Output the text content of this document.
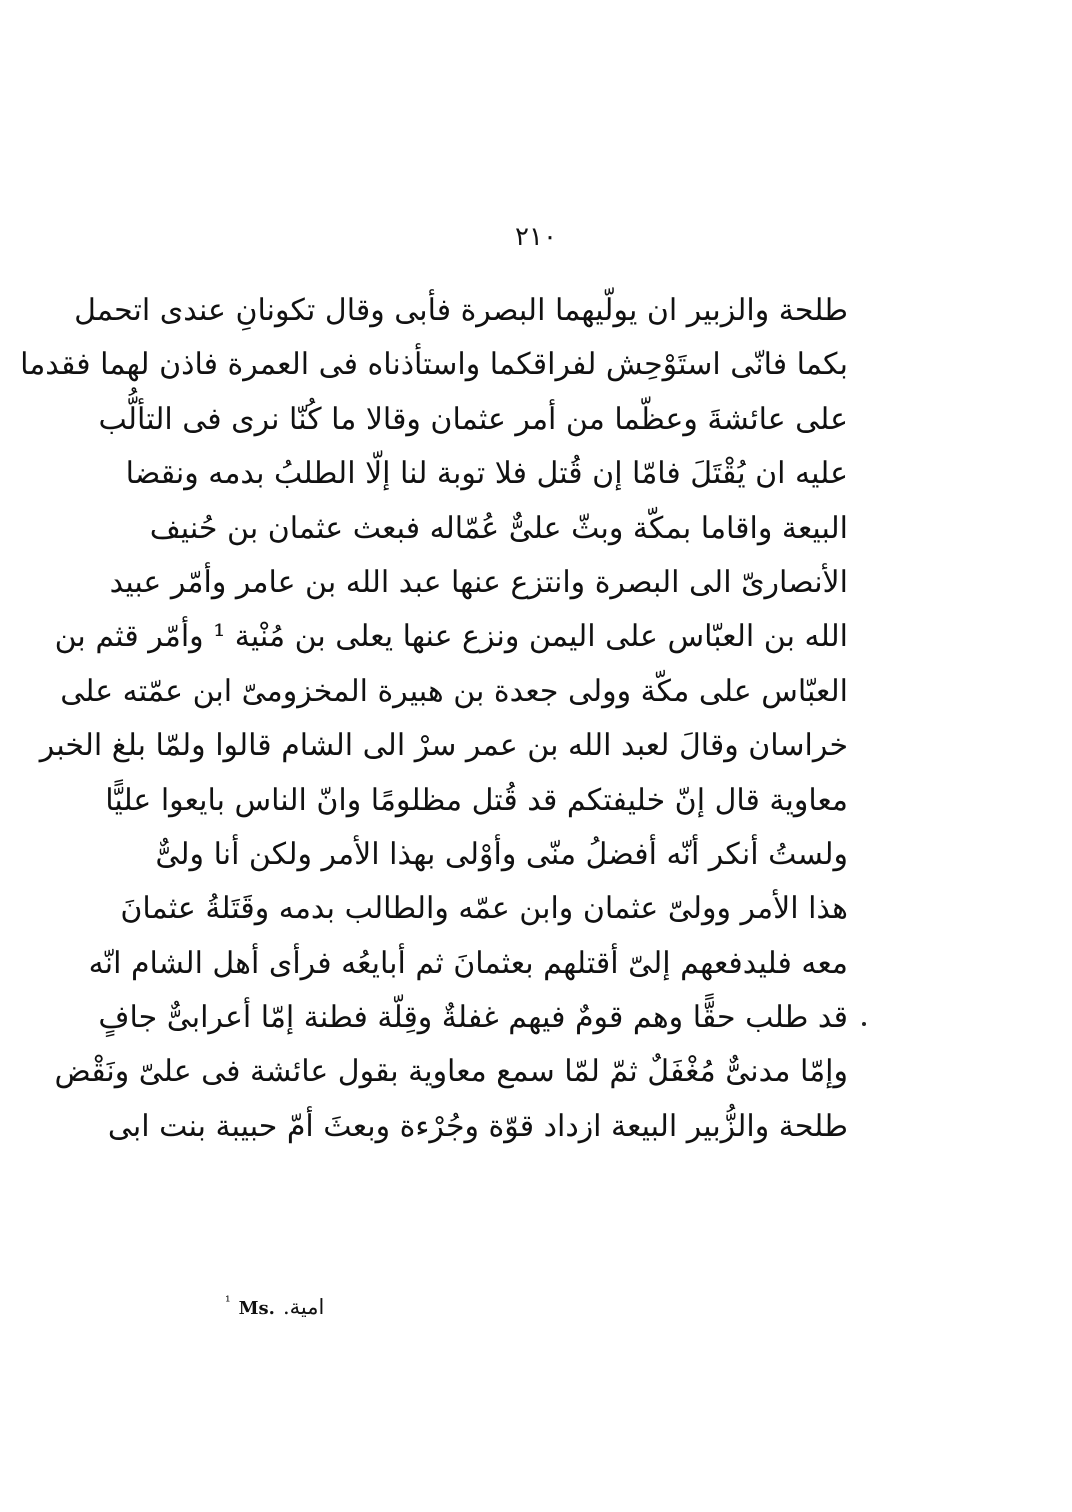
٢١٠
طلحة والزبير ان يولّيهما البصرة فأبى وقال تكونانِ عندى اتحمل
بكما فانّى استَوْحِش لفراقكما واستأذناه فى العمرة فاذن لهما فقدما
على عائشةَ وعظّما من أمر عثمان وقالا ما كُنّا نرى فى التألُّب
عليه ان يُقْتَلَ فامّا إن قُتل فلا توبة لنا إلّا الطلبُ بدمه ونقضا
البيعة واقاما بمكّة وبثّ علىٌّ عُمّاله فبعث عثمان بن حُنيف
الأنصارىّ الى البصرة وانتزع عنها عبد الله بن عامر وأمّر عبيد
الله بن العبّاس على اليمن ونزع عنها يعلى بن مُنْية ¹ وأمّر قثم بن
العبّاس على مكّة وولى جعدة بن هبيرة المخزومىّ ابن عمّته على
خراسان وقالَ لعبد الله بن عمر سرْ الى الشام قالوا ولمّا بلغ الخبر
معاوية قال إنّ خليفتكم قد قُتل مظلومًا وانّ الناس بايعوا عليًّا
ولستُ أنكر أنّه أفضلُ منّى وأوْلى بهذا الأمر ولكن أنا ولىٌّ
هذا الأمر وولىّ عثمان وابن عمّه والطالب بدمه وقَتَلةُ عثمانَ
معه فليدفعهم إلىّ أقتلهم بعثمانَ ثم أبايعُه فرأى أهل الشام انّه
قد طلب حقًّا وهم قومٌ فيهم غفلةٌ وقِلّة فطنة إمّا أعرابىٌّ جافٍ
وإمّا مدنىٌّ مُغْفَلٌ ثمّ لمّا سمع معاوية بقول عائشة فى علىّ ونَقْض
طلحة والزُّبير البيعة ازداد قوّة وجُرْءة وبعثَ أمّ حبيبة بنت ابى
$^{^1}$ Ms. امية.
